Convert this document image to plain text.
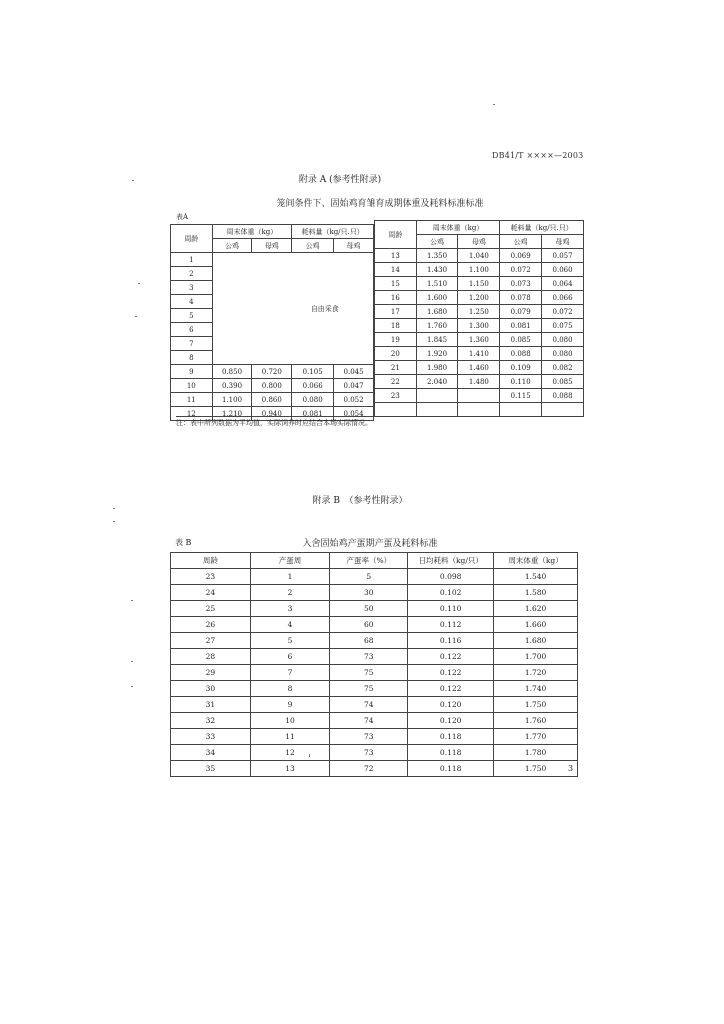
DB41/T ××××—2003
附录 A (参考性附录)
笼间条件下、固始鸡育雏育成期体重及耗料标准标准
表A
周龄	周末体重（kg）		耗料量（kg/只.只）	
	公鸡	母鸡	公鸡	母鸡
1	自由采食			
2				
3				
4				
5				
6				
7				
8				
9	0.850	0.720	0.105	0.045
10	0.390	0.800	0.066	0.047
11	1.100	0.860	0.080	0.052
12	1.210	0.940	0.081	0.054
周龄	周末体重（kg）		耗料量（kg/只.只）	
	公鸡	母鸡	公鸡	母鸡
13	1.350	1.040	0.069	0.057
14	1.430	1.100	0.072	0.060
15	1.510	1.150	0.073	0.064
16	1.600	1.200	0.078	0.066
17	1.680	1.250	0.079	0.072
18	1.760	1.300	0.081	0.075
19	1.845	1.360	0.085	0.080
20	1.920	1.410	0.088	0.080
21	1.980	1.460	0.109	0.082
22	2.040	1.480	0.110	0.085
23			0.115	0.088

注：表中所列数据为平均值，实际饲养时应结合本场实际情况。
附录 B　（参考性附录）
表 B	入舍固始鸡产蛋期产蛋及耗料标准
周龄	产蛋周	产蛋率（%）	日均耗料（kg/只）	周末体重（kg）
23	1	5	0.098	1.540
24	2	30	0.102	1.580
25	3	50	0.110	1.620
26	4	60	0.112	1.660
27	5	68	0.116	1.680
28	6	73	0.122	1.700
29	7	75	0.122	1.720
30	8	75	0.122	1.740
31	9	74	0.120	1.750
32	10	74	0.120	1.760
33	11	73	0.118	1.770
34	12	73	0.118	1.780
35	13	72	0.118	1.750	3
